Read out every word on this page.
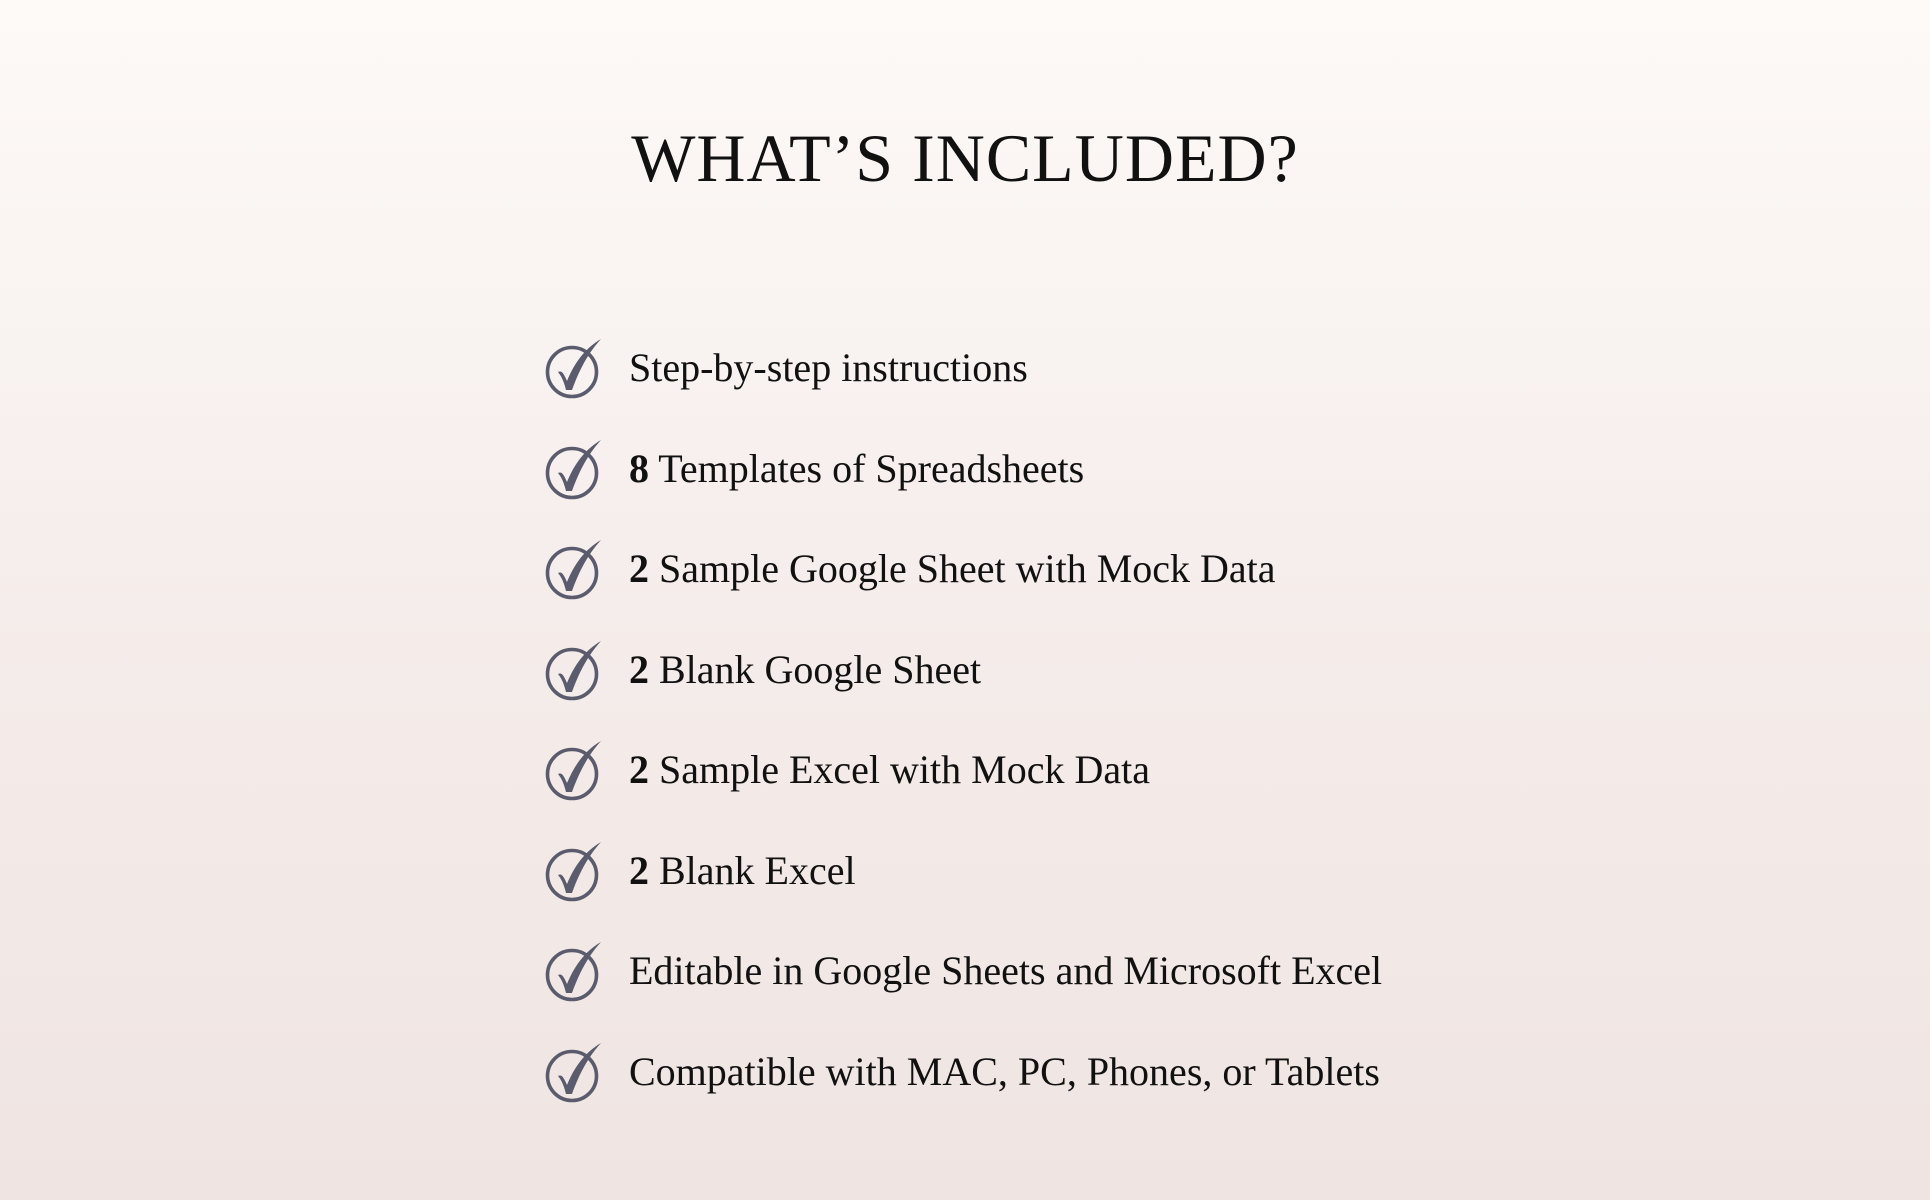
WHAT’S INCLUDED?
Step-by-step instructions
8 Templates of Spreadsheets
2 Sample Google Sheet with Mock Data
2 Blank Google Sheet
2 Sample Excel with Mock Data
2 Blank Excel
Editable in Google Sheets and Microsoft Excel
Compatible with MAC, PC, Phones, or Tablets
